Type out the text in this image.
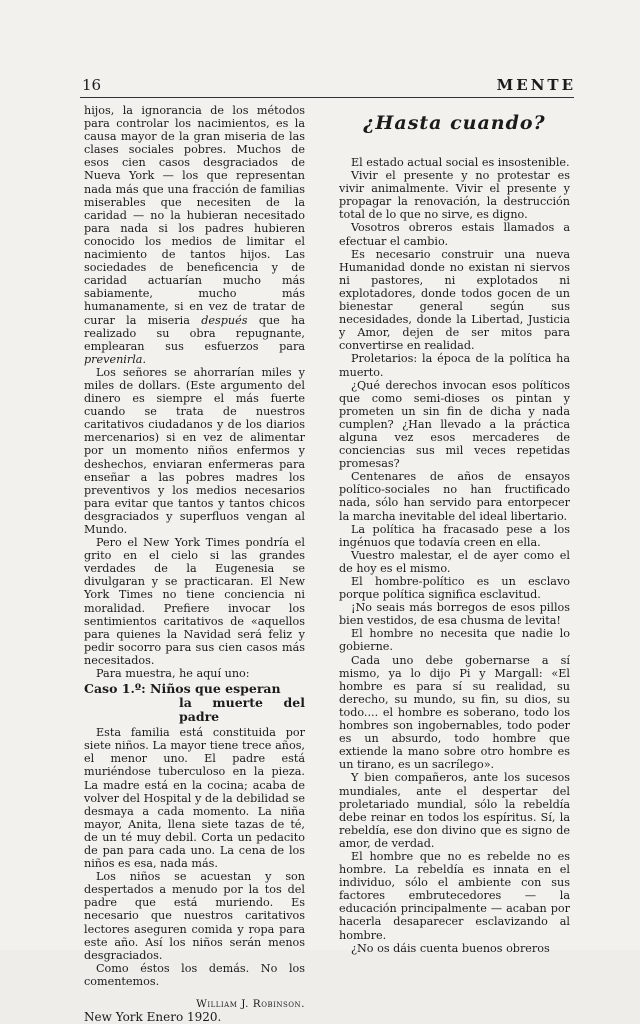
16	MENTE

hijos, la ignorancia de los métodos para controlar los nacimientos, es la causa mayor de la gran miseria de las clases sociales pobres. Muchos de esos cien casos desgraciados de Nueva York — los que representan nada más que una fracción de familias miserables que necesiten de la caridad — no la hubieran necesitado para nada si los padres hubieren conocido los medios de limitar el nacimiento de tantos hijos. Las sociedades de beneficencia y de caridad actuarían mucho más sabiamente, mucho más humanamente, si en vez de tratar de curar la miseria después que ha realizado su obra repugnante, emplearan sus esfuerzos para prevenirla.

Los señores se ahorrarían miles y miles de dollars. (Este argumento del dinero es siempre el más fuerte cuando se trata de nuestros caritativos ciudadanos y de los diarios mercenarios) si en vez de alimentar por un momento niños enfermos y deshechos, enviaran enfermeras para enseñar a las pobres madres los preventivos y los medios necesarios para evitar que tantos y tantos chicos desgraciados y superfluos vengan al Mundo.

Pero el New York Times pondría el grito en el cielo si las grandes verdades de la Eugenesia se divulgaran y se practicaran. El New York Times no tiene conciencia ni moralidad. Prefiere invocar los sentimientos caritativos de «aquellos para quienes la Navidad será feliz y pedir socorro para sus cien casos más necesitados.

Para muestra, he aquí uno:

Caso 1.º: Niños que esperan
la muerte del padre

Esta familia está constituida por siete niños. La mayor tiene trece años, el menor uno. El padre está muriéndose tuberculoso en la pieza. La madre está en la cocina; acaba de volver del Hospital y de la debilidad se desmaya a cada momento. La niña mayor, Anita, llena siete tazas de té, de un té muy debil. Corta un pedacito de pan para cada uno. La cena de los niños es esa, nada más.

Los niños se acuestan y son despertados a menudo por la tos del padre que está muriendo. Es necesario que nuestros caritativos lectores aseguren comida y ropa para este año. Así los niños serán menos desgraciados.

Como éstos los demás. No los comentemos.

William J. Robinson.

New York Enero 1920.

¿Hasta cuando?

El estado actual social es insostenible.

Vivir el presente y no protestar es vivir animalmente. Vivir el presente y propagar la renovación, la destrucción total de lo que no sirve, es digno.

Vosotros obreros estais llamados a efectuar el cambio.

Es necesario construir una nueva Humanidad donde no existan ni siervos ni pastores, ni explotados ni explotadores, donde todos gocen de un bienestar general según sus necesidades, donde la Libertad, Justicia y Amor, dejen de ser mitos para convertirse en realidad.

Proletarios: la época de la política ha muerto.

¿Qué derechos invocan esos políticos que como semi-dioses os pintan y prometen un sin fin de dicha y nada cumplen? ¿Han llevado a la práctica alguna vez esos mercaderes de conciencias sus mil veces repetidas promesas?

Centenares de años de ensayos político-sociales no han fructificado nada, sólo han servido para entorpecer la marcha inevitable del ideal libertario.

La política ha fracasado pese a los ingénuos que todavía creen en ella.

Vuestro malestar, el de ayer como el de hoy es el mismo.

El hombre-político es un esclavo porque política significa esclavitud.

¡No seais más borregos de esos pillos bien vestidos, de esa chusma de levita!

El hombre no necesita que nadie lo gobierne.

Cada uno debe gobernarse a sí mismo, ya lo dijo Pi y Margall: «El hombre es para sí su realidad, su derecho, su mundo, su fin, su dios, su todo.... el hombre es soberano, todo los hombres son ingobernables, todo poder es un absurdo, todo hombre que extiende la mano sobre otro hombre es un tirano, es un sacrílego».

Y bien compañeros, ante los sucesos mundiales, ante el despertar del proletariado mundial, sólo la rebeldía debe reinar en todos los espíritus. Sí, la rebeldía, ese don divino que es signo de amor, de verdad.

El hombre que no es rebelde no es hombre. La rebeldía es innata en el individuo, sólo el ambiente con sus factores embrutecedores — la educación principalmente — acaban por hacerla desaparecer esclavizando al hombre.

¿No os dáis cuenta buenos obreros
